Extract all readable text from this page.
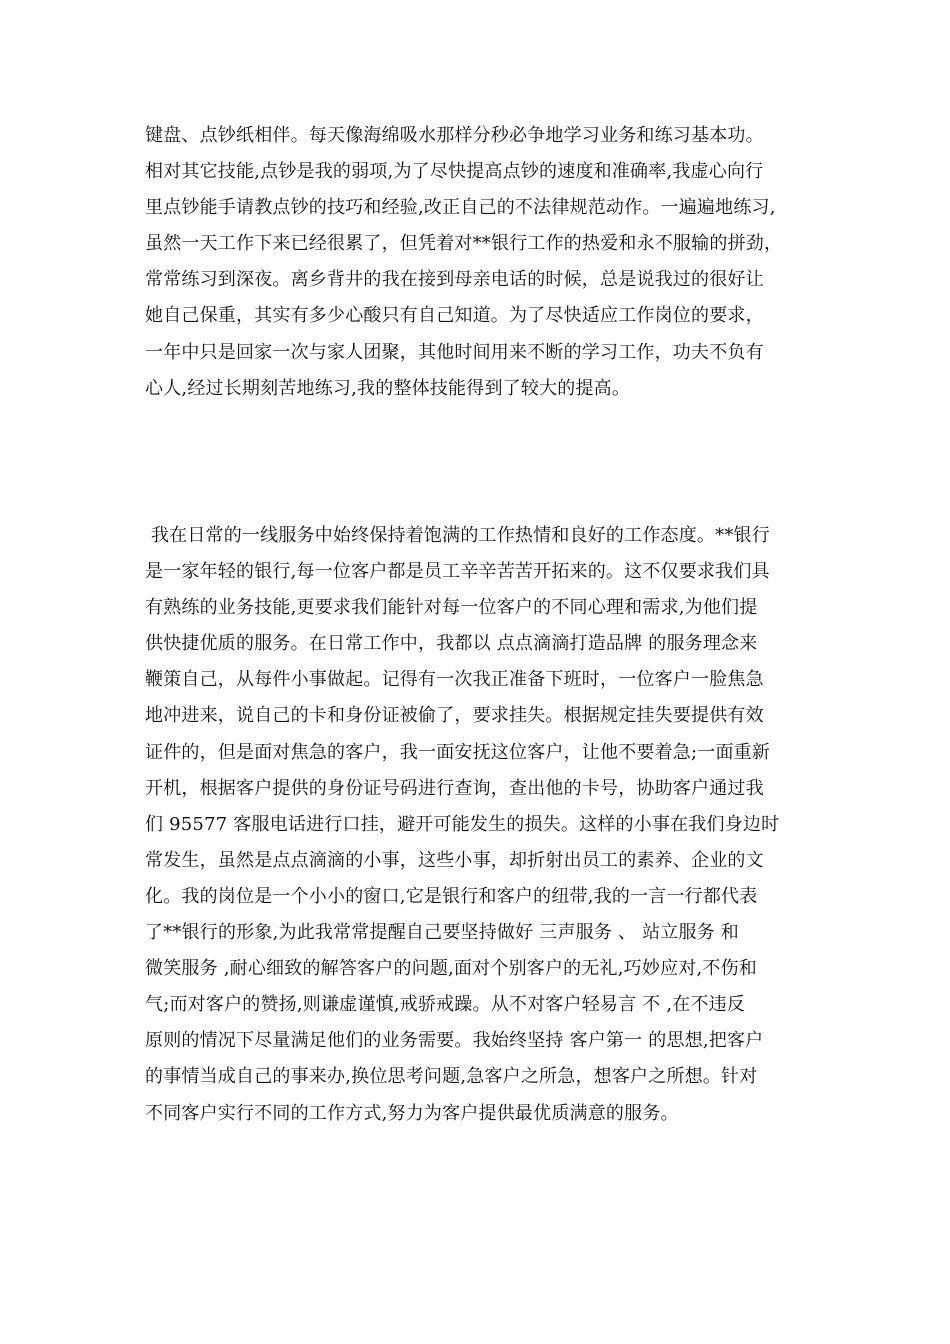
键盘、点钞纸相伴。每天像海绵吸水那样分秒必争地学习业务和练习基本功。
相对其它技能,点钞是我的弱项,为了尽快提高点钞的速度和准确率,我虚心向行
里点钞能手请教点钞的技巧和经验,改正自己的不法律规范动作。一遍遍地练习,
虽然一天工作下来已经很累了，但凭着对**银行工作的热爱和永不服输的拼劲，
常常练习到深夜。离乡背井的我在接到母亲电话的时候，总是说我过的很好让
她自己保重，其实有多少心酸只有自己知道。为了尽快适应工作岗位的要求，
一年中只是回家一次与家人团聚，其他时间用来不断的学习工作，功夫不负有
心人,经过长期刻苦地练习,我的整体技能得到了较大的提高。
我在日常的一线服务中始终保持着饱满的工作热情和良好的工作态度。**银行
是一家年轻的银行,每一位客户都是员工辛辛苦苦开拓来的。这不仅要求我们具
有熟练的业务技能,更要求我们能针对每一位客户的不同心理和需求,为他们提
供快捷优质的服务。在日常工作中，我都以 点点滴滴打造品牌 的服务理念来
鞭策自己，从每件小事做起。记得有一次我正准备下班时，一位客户一脸焦急
地冲进来，说自己的卡和身份证被偷了，要求挂失。根据规定挂失要提供有效
证件的，但是面对焦急的客户，我一面安抚这位客户，让他不要着急;一面重新
开机，根据客户提供的身份证号码进行查询，查出他的卡号，协助客户通过我
们 95577 客服电话进行口挂，避开可能发生的损失。这样的小事在我们身边时
常发生，虽然是点点滴滴的小事，这些小事，却折射出员工的素养、企业的文
化。我的岗位是一个小小的窗口,它是银行和客户的纽带,我的一言一行都代表
了**银行的形象,为此我常常提醒自己要坚持做好 三声服务 、 站立服务 和
微笑服务 ,耐心细致的解答客户的问题,面对个别客户的无礼,巧妙应对,不伤和
气;而对客户的赞扬,则谦虚谨慎,戒骄戒躁。从不对客户轻易言 不 ,在不违反
原则的情况下尽量满足他们的业务需要。我始终坚持 客户第一 的思想,把客户
的事情当成自己的事来办,换位思考问题,急客户之所急，想客户之所想。针对
不同客户实行不同的工作方式,努力为客户提供最优质满意的服务。
